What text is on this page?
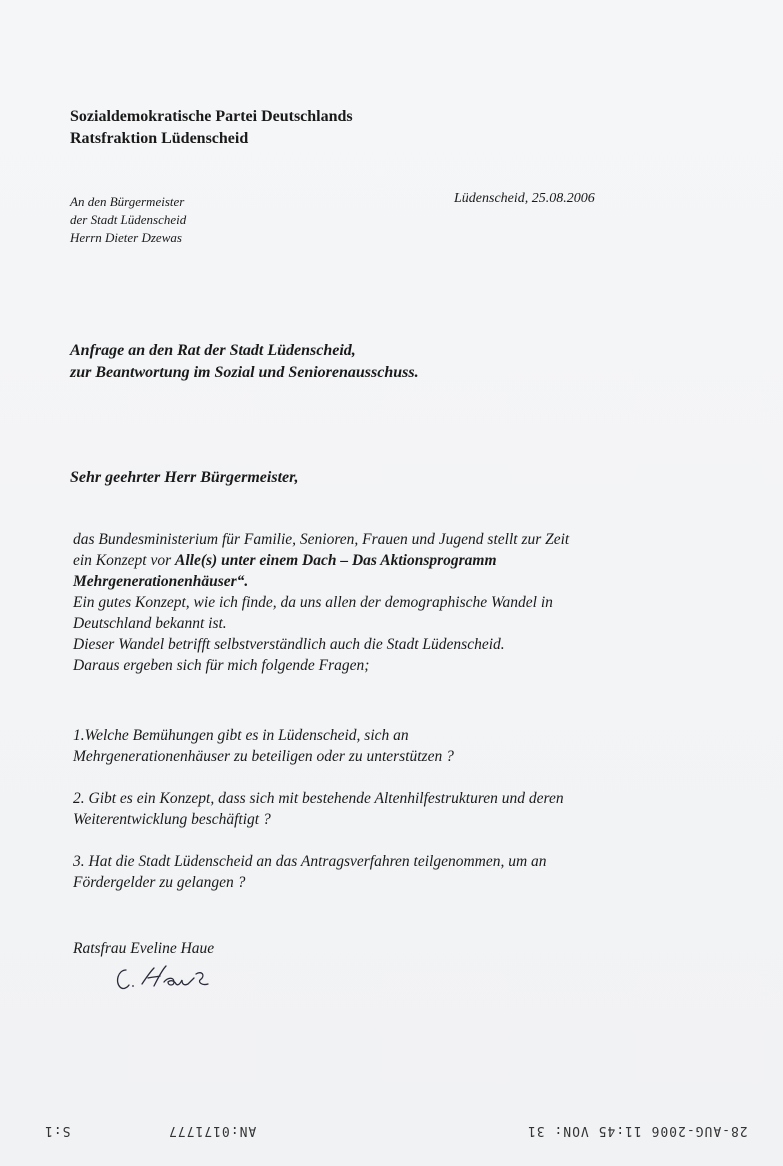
Sozialdemokratische Partei Deutschlands
Ratsfraktion Lüdenscheid
An den Bürgermeister
der Stadt Lüdenscheid
Herrn Dieter Dzewas
Lüdenscheid, 25.08.2006
Anfrage an den Rat der Stadt Lüdenscheid,
zur Beantwortung im Sozial und Seniorenausschuss.
Sehr geehrter Herr Bürgermeister,
das Bundesministerium für Familie, Senioren, Frauen und Jugend stellt zur Zeit
ein Konzept vor Alle(s) unter einem Dach – Das Aktionsprogramm
Mehrgenerationenhäuser“.
Ein gutes Konzept, wie ich finde, da uns allen der demographische Wandel in
Deutschland bekannt ist.
Dieser Wandel betrifft selbstverständlich auch die Stadt Lüdenscheid.
Daraus ergeben sich für mich folgende Fragen;
1.Welche Bemühungen gibt es in Lüdenscheid, sich an
Mehrgenerationenhäuser zu beteiligen oder zu unterstützen ?
2. Gibt es ein Konzept, dass sich mit bestehende Altenhilfestrukturen und deren
Weiterentwicklung beschäftigt ?
3. Hat die Stadt Lüdenscheid an das Antragsverfahren teilgenommen, um an
Fördergelder zu gelangen ?
Ratsfrau Eveline Haue
S:1	AN:0171777	28-AUG-2006 11:45 VON: 31
